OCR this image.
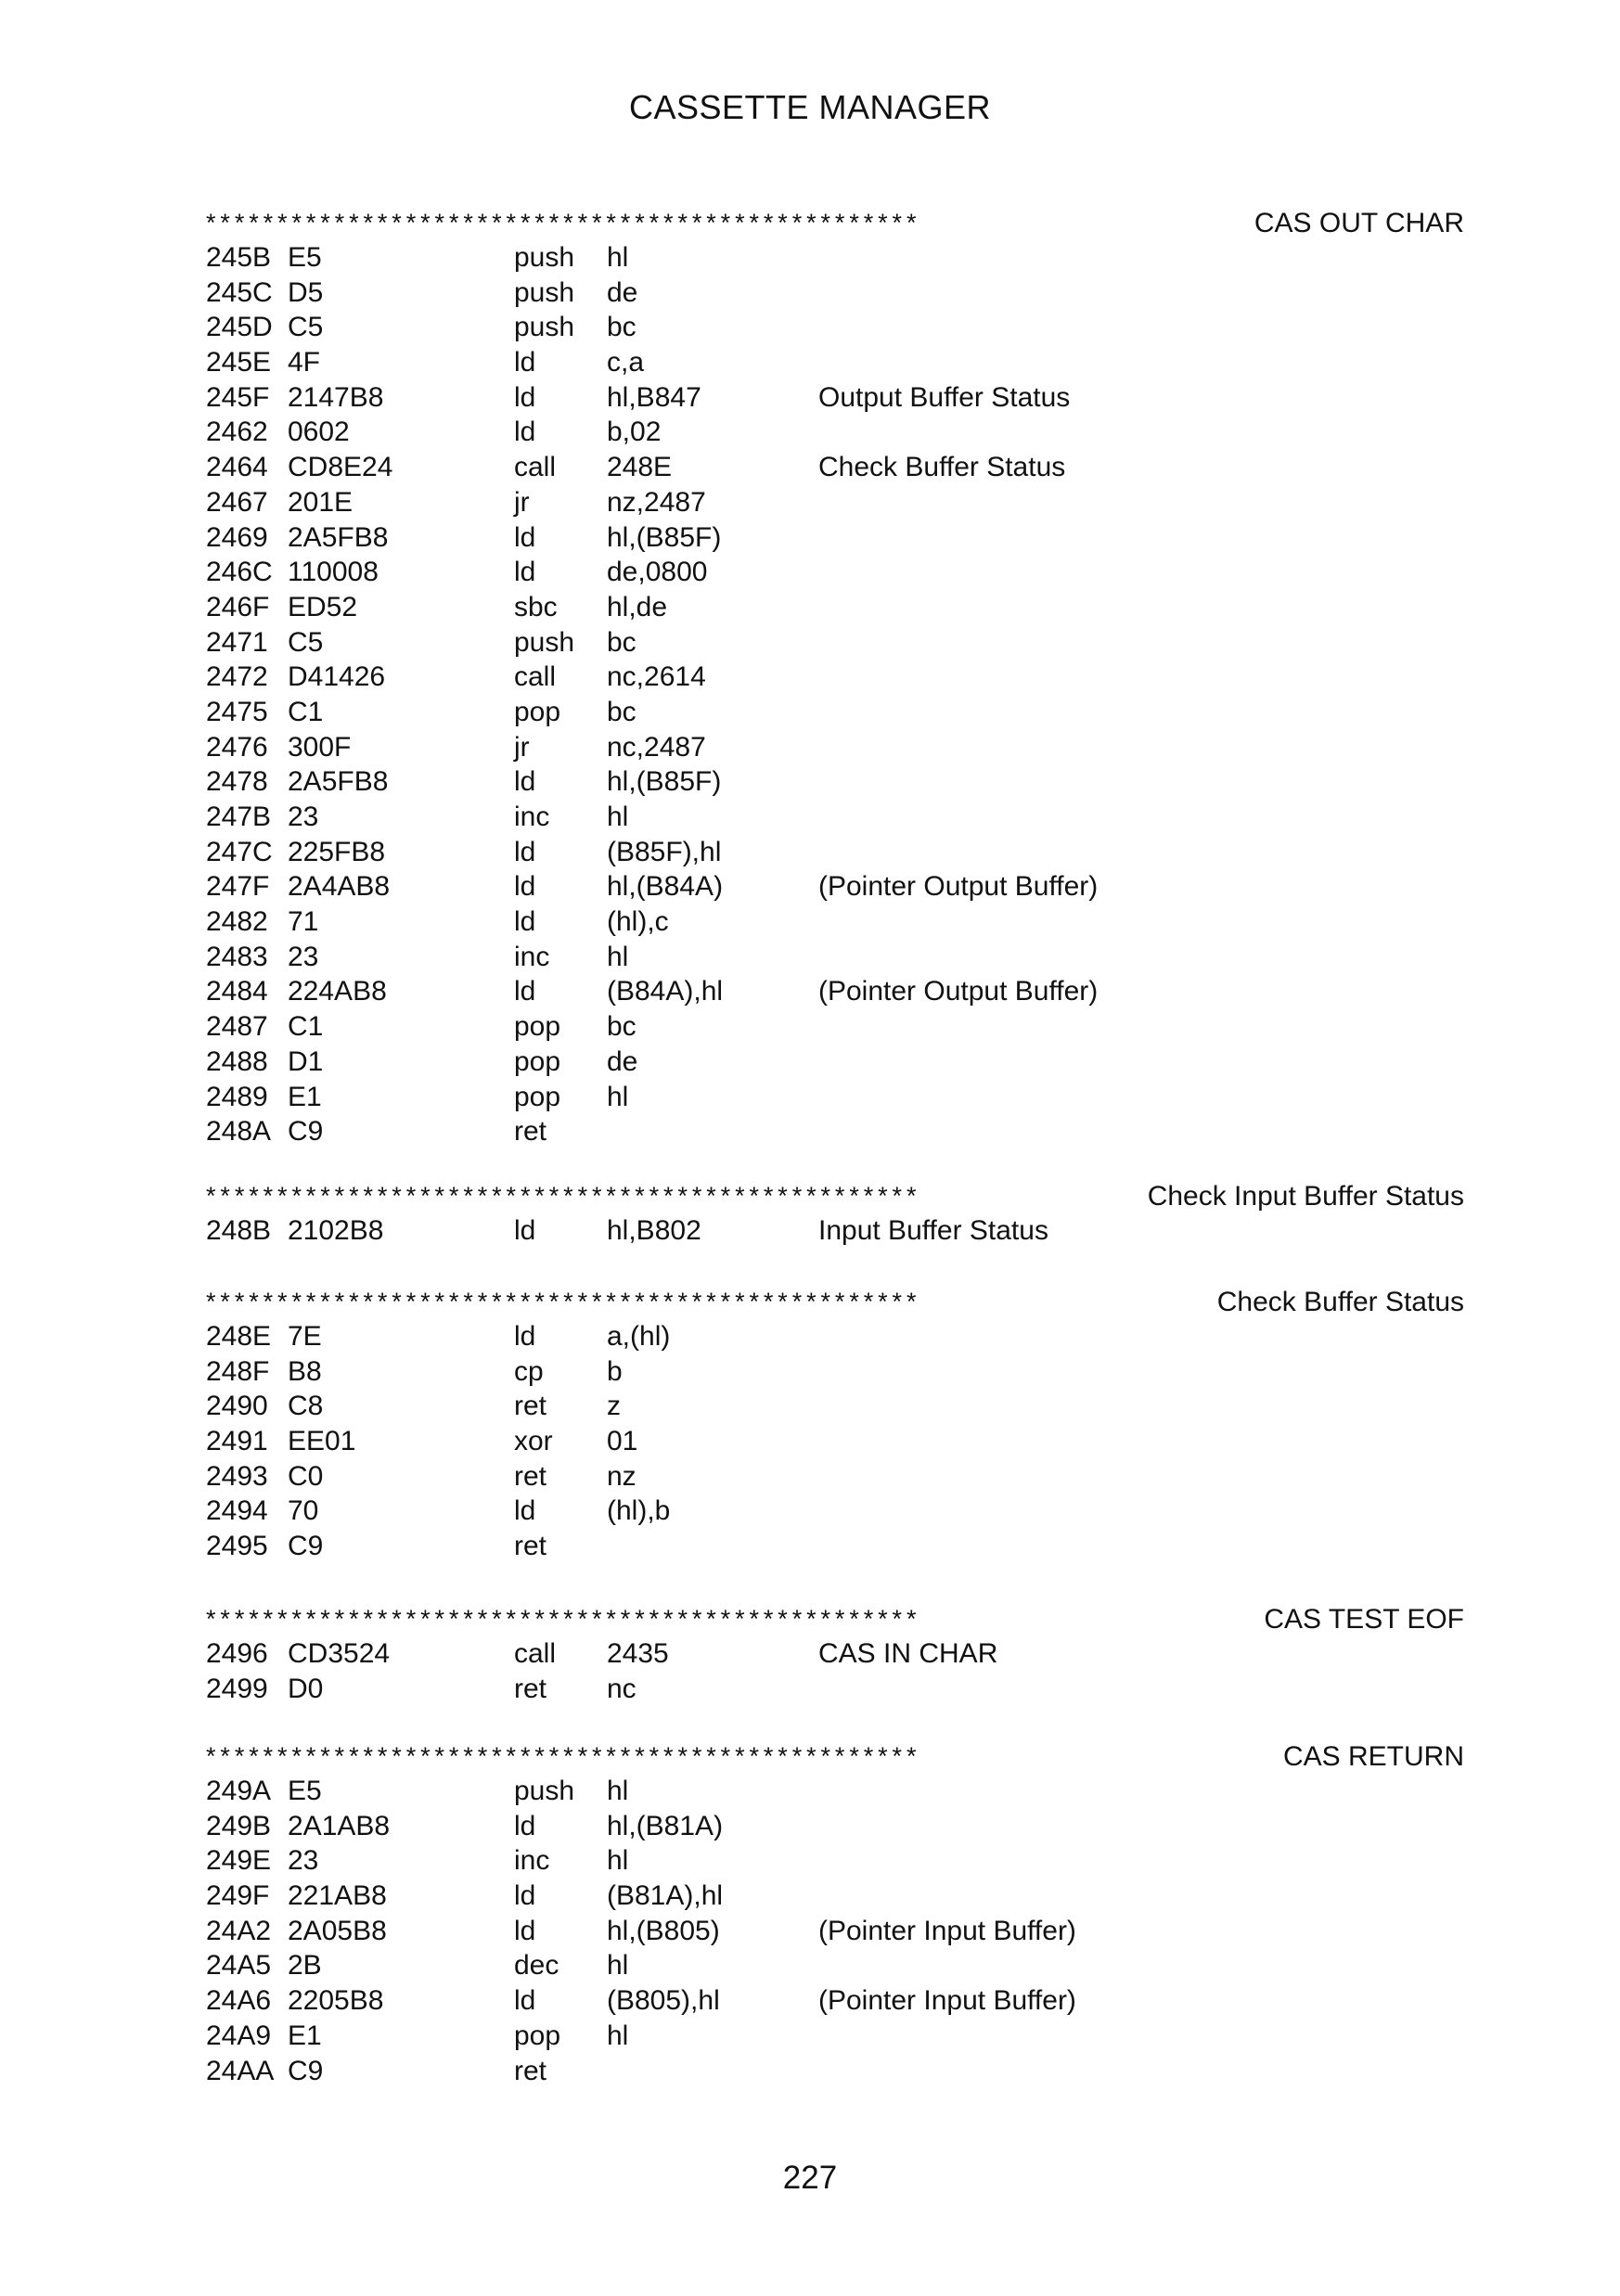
CASSETTE MANAGER
**************************************************	CAS OUT CHAR
245B E5	push hl
245C D5	push de
245D C5	push bc
245E 4F	ld	c,a
245F 2147B8	ld	hl,B847	Output Buffer Status
2462 0602	ld	b,02
2464 CD8E24	call 248E	Check Buffer Status
2467 201E	jr	nz,2487
2469 2A5FB8	ld	hl,(B85F)
246C 110008	ld	de,0800
246F ED52	sbc hl,de
2471 C5	push bc
2472 D41426	call nc,2614
2475 C1	pop bc
2476 300F	jr	nc,2487
2478 2A5FB8	ld	hl,(B85F)
247B 23	inc hl
247C 225FB8	ld	(B85F),hl
247F 2A4AB8	ld	hl,(B84A)	(Pointer Output Buffer)
2482 71	ld	(hl),c
2483 23	inc hl
2484 224AB8	ld	(B84A),hl	(Pointer Output Buffer)
2487 C1	pop bc
2488 D1	pop de
2489 E1	pop hl
248A C9	ret
**************************************************	Check Input Buffer Status
248B 2102B8	ld	hl,B802	Input Buffer Status
**************************************************	Check Buffer Status
248E 7E	ld	a,(hl)
248F B8	cp b
2490 C8	ret z
2491 EE01	xor 01
2493 C0	ret nz
2494 70	ld	(hl),b
2495 C9	ret
**************************************************	CAS TEST EOF
2496 CD3524	call 2435	CAS IN CHAR
2499 D0	ret nc
**************************************************	CAS RETURN
249A E5	push hl
249B 2A1AB8	ld	hl,(B81A)
249E 23	inc hl
249F 221AB8	ld	(B81A),hl
24A2 2A05B8	ld	hl,(B805)	(Pointer Input Buffer)
24A5 2B	dec hl
24A6 2205B8	ld	(B805),hl	(Pointer Input Buffer)
24A9 E1	pop hl
24AA C9	ret
227
